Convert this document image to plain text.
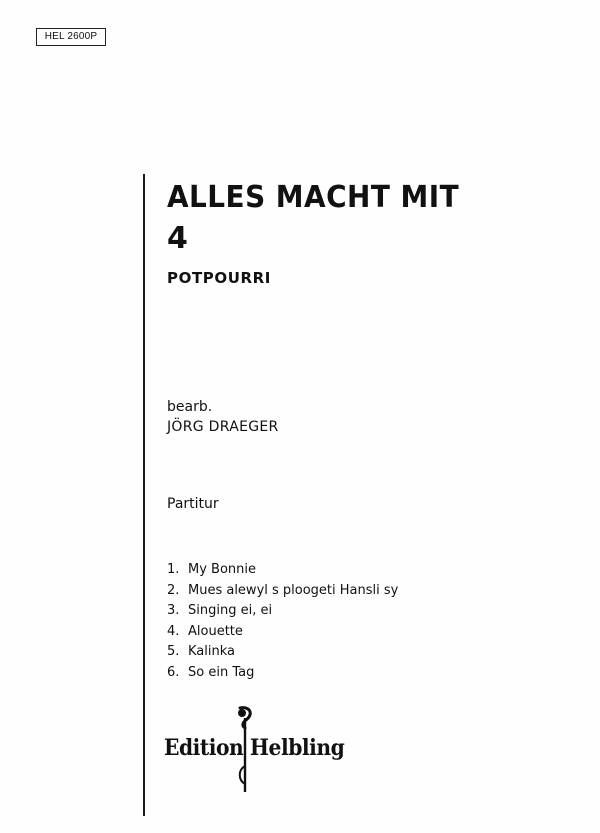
HEL 2600P
ALLES MACHT MIT
4
POTPOURRI
bearb.
JÖRG DRAEGER
Partitur
1. My Bonnie
2. Mues alewyl s ploogeti Hansli sy
3. Singing ei, ei
4. Alouette
5. Kalinka
6. So ein Tag
Edition Helbling
